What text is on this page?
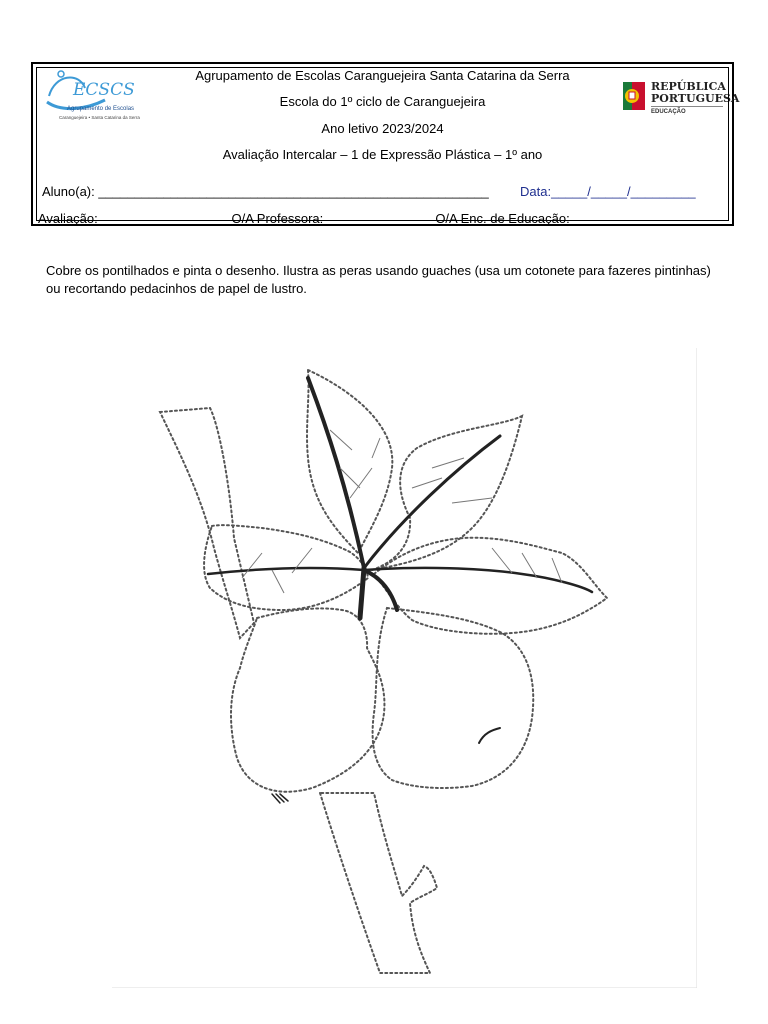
ECSCS
Agrupamento de Escolas
Caranguejeira • Santa Catarina da Serra
Agrupamento de Escolas Caranguejeira Santa Catarina da Serra
Escola do 1º ciclo de Caranguejeira
Ano letivo 2023/2024
Avaliação Intercalar – 1 de Expressão Plástica – 1º ano
REPÚBLICA
PORTUGUESA
EDUCAÇÃO
Aluno(a): ______________________________________________________ Data:_____/_____/_________
Avaliação: __________________O/A Professora: _______________O/A Enc. de Educação:________________
Cobre os pontilhados e pinta o desenho. Ilustra as peras usando guaches (usa um cotonete para fazeres pintinhas) ou recortando pedacinhos de papel de lustro.
